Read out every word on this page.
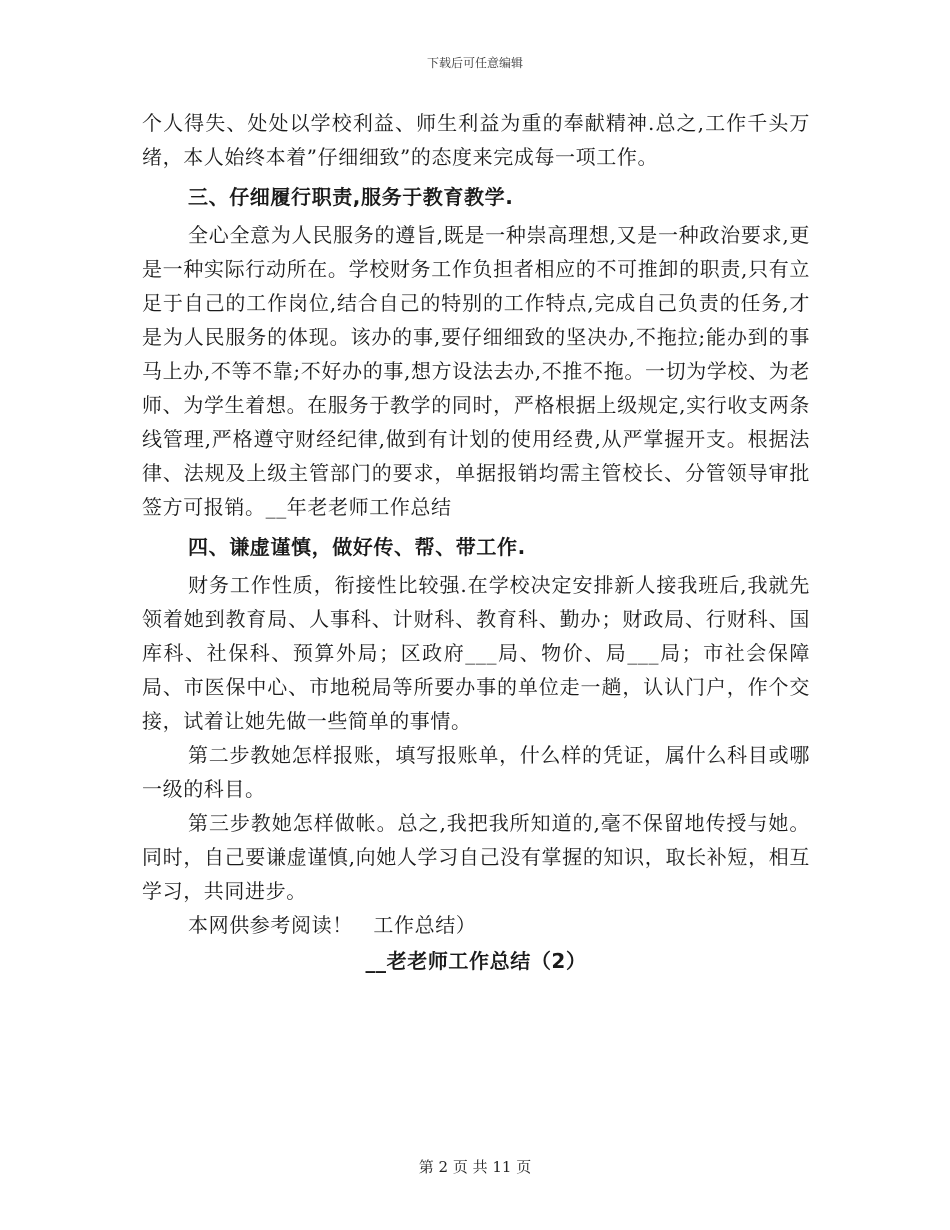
下载后可任意编辑

个人得失、处处以学校利益、师生利益为重的奉献精神.总之,工作千头万绪，本人始终本着”仔细细致”的态度来完成每一项工作。

三、仔细履行职责,服务于教育教学.

全心全意为人民服务的遵旨,既是一种崇高理想,又是一种政治要求,更是一种实际行动所在。学校财务工作负担者相应的不可推卸的职责,只有立足于自己的工作岗位,结合自己的特别的工作特点,完成自己负责的任务,才是为人民服务的体现。该办的事,要仔细细致的坚决办,不拖拉;能办到的事马上办,不等不靠;不好办的事,想方设法去办,不推不拖。一切为学校、为老师、为学生着想。在服务于教学的同时，严格根据上级规定,实行收支两条线管理,严格遵守财经纪律,做到有计划的使用经费,从严掌握开支。根据法律、法规及上级主管部门的要求，单据报销均需主管校长、分管领导审批签方可报销。__年老老师工作总结

四、谦虚谨慎，做好传、帮、带工作.

财务工作性质，衔接性比较强.在学校决定安排新人接我班后,我就先领着她到教育局、人事科、计财科、教育科、勤办；财政局、行财科、国库科、社保科、预算外局；区政府___局、物价、局___局；市社会保障局、市医保中心、市地税局等所要办事的单位走一趟，认认门户，作个交接，试着让她先做一些简单的事情。

第二步教她怎样报账，填写报账单，什么样的凭证，属什么科目或哪一级的科目。

第三步教她怎样做帐。总之,我把我所知道的,毫不保留地传授与她。同时，自己要谦虚谨慎,向她人学习自己没有掌握的知识，取长补短，相互学习，共同进步。

本网供参考阅读！　工作总结）

__老老师工作总结（2）

第 2 页 共 11 页
